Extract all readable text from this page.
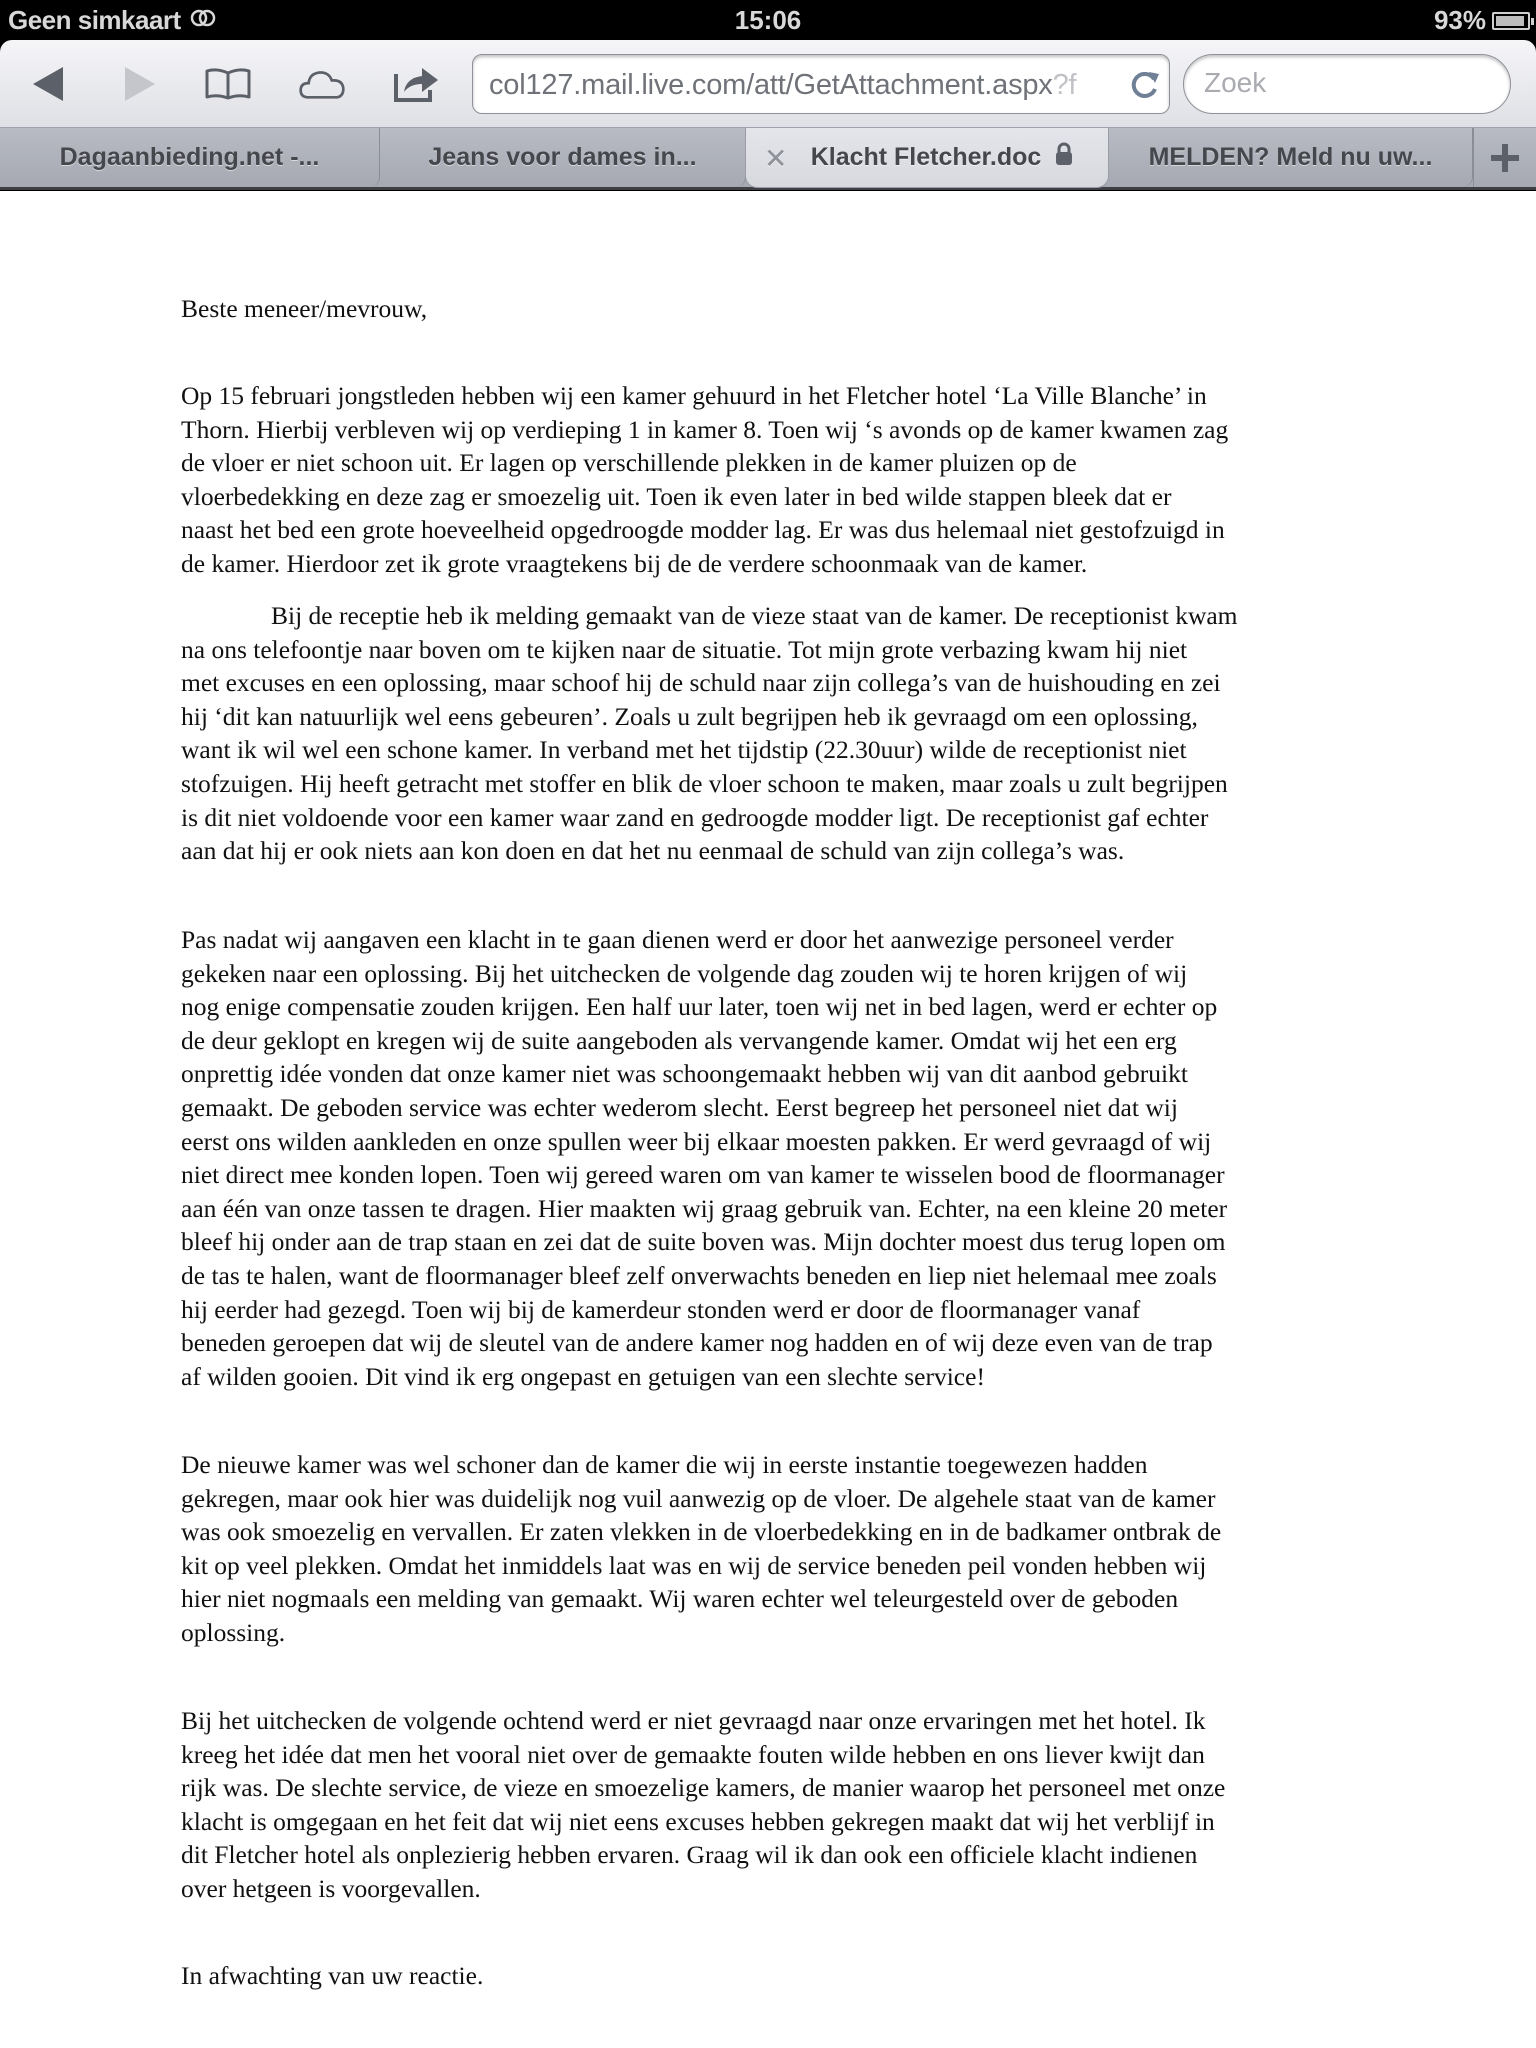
Geen simkaart	15:06	93%
col127.mail.live.com/att/GetAttachment.aspx?f
Zoek
Dagaanbieding.net -...	Jeans voor dames in... ✕ Klacht Fletcher.doc	MELDEN? Meld nu uw...
Beste meneer/mevrouw,
Op 15 februari jongstleden hebben wij een kamer gehuurd in het Fletcher hotel ‘La Ville Blanche’ in
Thorn. Hierbij verbleven wij op verdieping 1 in kamer 8. Toen wij ‘s avonds op de kamer kwamen zag
de vloer er niet schoon uit. Er lagen op verschillende plekken in de kamer pluizen op de
vloerbedekking en deze zag er smoezelig uit. Toen ik even later in bed wilde stappen bleek dat er
naast het bed een grote hoeveelheid opgedroogde modder lag. Er was dus helemaal niet gestofzuigd in
de kamer. Hierdoor zet ik grote vraagtekens bij de de verdere schoonmaak van de kamer.
Bij de receptie heb ik melding gemaakt van de vieze staat van de kamer. De receptionist kwam
na ons telefoontje naar boven om te kijken naar de situatie. Tot mijn grote verbazing kwam hij niet
met excuses en een oplossing, maar schoof hij de schuld naar zijn collega’s van de huishouding en zei
hij ‘dit kan natuurlijk wel eens gebeuren’. Zoals u zult begrijpen heb ik gevraagd om een oplossing,
want ik wil wel een schone kamer. In verband met het tijdstip (22.30uur) wilde de receptionist niet
stofzuigen. Hij heeft getracht met stoffer en blik de vloer schoon te maken, maar zoals u zult begrijpen
is dit niet voldoende voor een kamer waar zand en gedroogde modder ligt. De receptionist gaf echter
aan dat hij er ook niets aan kon doen en dat het nu eenmaal de schuld van zijn collega’s was.
Pas nadat wij aangaven een klacht in te gaan dienen werd er door het aanwezige personeel verder
gekeken naar een oplossing. Bij het uitchecken de volgende dag zouden wij te horen krijgen of wij
nog enige compensatie zouden krijgen. Een half uur later, toen wij net in bed lagen, werd er echter op
de deur geklopt en kregen wij de suite aangeboden als vervangende kamer. Omdat wij het een erg
onprettig idée vonden dat onze kamer niet was schoongemaakt hebben wij van dit aanbod gebruikt
gemaakt. De geboden service was echter wederom slecht. Eerst begreep het personeel niet dat wij
eerst ons wilden aankleden en onze spullen weer bij elkaar moesten pakken. Er werd gevraagd of wij
niet direct mee konden lopen. Toen wij gereed waren om van kamer te wisselen bood de floormanager
aan één van onze tassen te dragen. Hier maakten wij graag gebruik van. Echter, na een kleine 20 meter
bleef hij onder aan de trap staan en zei dat de suite boven was. Mijn dochter moest dus terug lopen om
de tas te halen, want de floormanager bleef zelf onverwachts beneden en liep niet helemaal mee zoals
hij eerder had gezegd. Toen wij bij de kamerdeur stonden werd er door de floormanager vanaf
beneden geroepen dat wij de sleutel van de andere kamer nog hadden en of wij deze even van de trap
af wilden gooien. Dit vind ik erg ongepast en getuigen van een slechte service!
De nieuwe kamer was wel schoner dan de kamer die wij in eerste instantie toegewezen hadden
gekregen, maar ook hier was duidelijk nog vuil aanwezig op de vloer. De algehele staat van de kamer
was ook smoezelig en vervallen. Er zaten vlekken in de vloerbedekking en in de badkamer ontbrak de
kit op veel plekken. Omdat het inmiddels laat was en wij de service beneden peil vonden hebben wij
hier niet nogmaals een melding van gemaakt. Wij waren echter wel teleurgesteld over de geboden
oplossing.
Bij het uitchecken de volgende ochtend werd er niet gevraagd naar onze ervaringen met het hotel. Ik
kreeg het idée dat men het vooral niet over de gemaakte fouten wilde hebben en ons liever kwijt dan
rijk was. De slechte service, de vieze en smoezelige kamers, de manier waarop het personeel met onze
klacht is omgegaan en het feit dat wij niet eens excuses hebben gekregen maakt dat wij het verblijf in
dit Fletcher hotel als onplezierig hebben ervaren. Graag wil ik dan ook een officiele klacht indienen
over hetgeen is voorgevallen.
In afwachting van uw reactie.
